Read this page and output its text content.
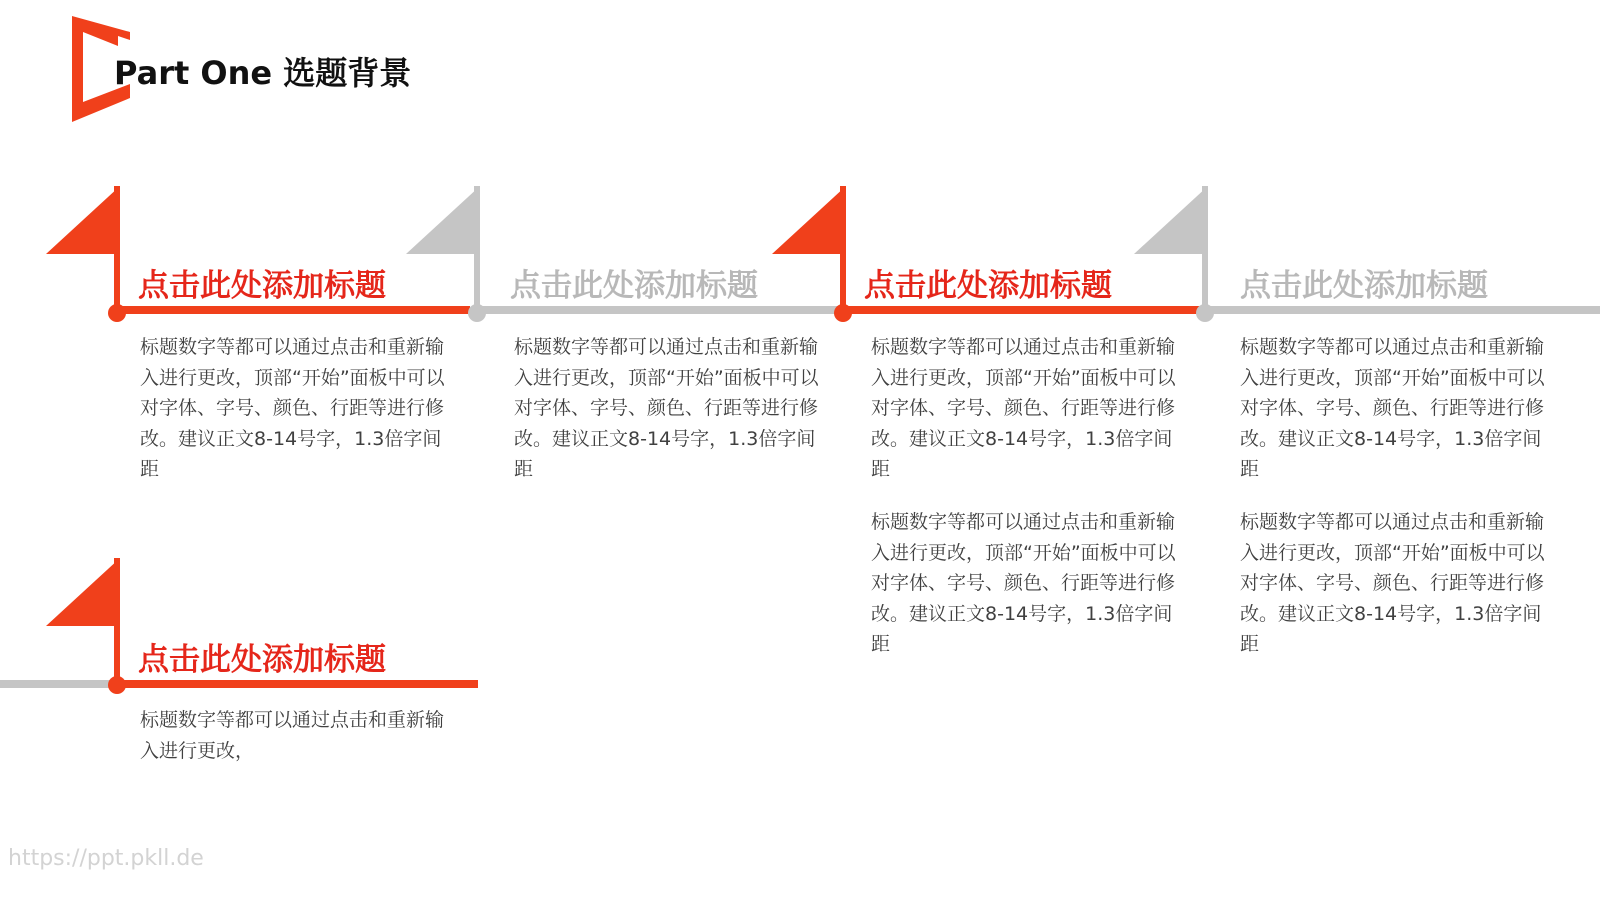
Part One 选题背景
点击此处添加标题	点击此处添加标题	点击此处添加标题	点击此处添加标题
标题数字等都可以通过点击和重新输入进行更改，顶部“开始”面板中可以对字体、字号、颜色、行距等进行修改。建议正文8-14号字，1.3倍字间距
标题数字等都可以通过点击和重新输入进行更改，顶部“开始”面板中可以对字体、字号、颜色、行距等进行修改。建议正文8-14号字，1.3倍字间距
标题数字等都可以通过点击和重新输入进行更改，顶部“开始”面板中可以对字体、字号、颜色、行距等进行修改。建议正文8-14号字，1.3倍字间距
标题数字等都可以通过点击和重新输入进行更改，顶部“开始”面板中可以对字体、字号、颜色、行距等进行修改。建议正文8-14号字，1.3倍字间距
标题数字等都可以通过点击和重新输入进行更改，顶部“开始”面板中可以对字体、字号、颜色、行距等进行修改。建议正文8-14号字，1.3倍字间距
标题数字等都可以通过点击和重新输入进行更改，顶部“开始”面板中可以对字体、字号、颜色、行距等进行修改。建议正文8-14号字，1.3倍字间距
点击此处添加标题
标题数字等都可以通过点击和重新输入进行更改，
https://ppt.pkll.de
